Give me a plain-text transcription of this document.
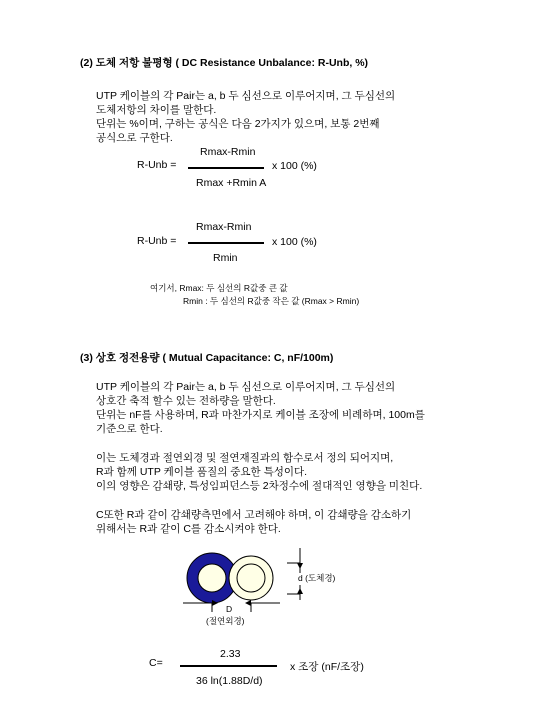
(2) 도체 저항 불평형 ( DC Resistance Unbalance: R-Unb, %)
UTP 케이블의 각 Pair는 a, b 두 심선으로 이루어지며, 그 두심선의
도체저항의 차이를 말한다.
단위는 %이며, 구하는 공식은 다음 2가지가 있으며, 보통 2번째
공식으로 구한다.
R-Unb =
Rmax-Rmin
Rmax +Rmin A
x 100 (%)
R-Unb =
Rmax-Rmin
Rmin
x 100 (%)
여기서, Rmax: 두 심선의 R값중 큰 값
Rmin : 두 심선의 R값중 작은 값 (Rmax > Rmin)
(3) 상호 정전용량 ( Mutual Capacitance: C, nF/100m)
UTP 케이블의 각 Pair는 a, b 두 심선으로 이루어지며, 그 두심선의
상호간 축적 할수 있는 전하량을 말한다.
단위는 nF를 사용하며, R과 마찬가지로 케이블 조장에 비례하며, 100m를
기준으로 한다.
이는 도체경과 절연외경 및 절연재질과의 함수로서 정의 되어지며,
R과 함께 UTP 케이블 품질의 중요한 특성이다.
이의 영향은 감쇄량, 특성임피던스등 2차정수에 절대적인 영향을 미친다.
C또한 R과 같이 감쇄량측면에서 고려해야 하며, 이 감쇄량을 감소하기
위해서는 R과 같이 C를 감소시켜야 한다.
d (도체경)
D
(절연외경)
C=
2.33
36 ln(1.88D/d)
x 조장 (nF/조장)
